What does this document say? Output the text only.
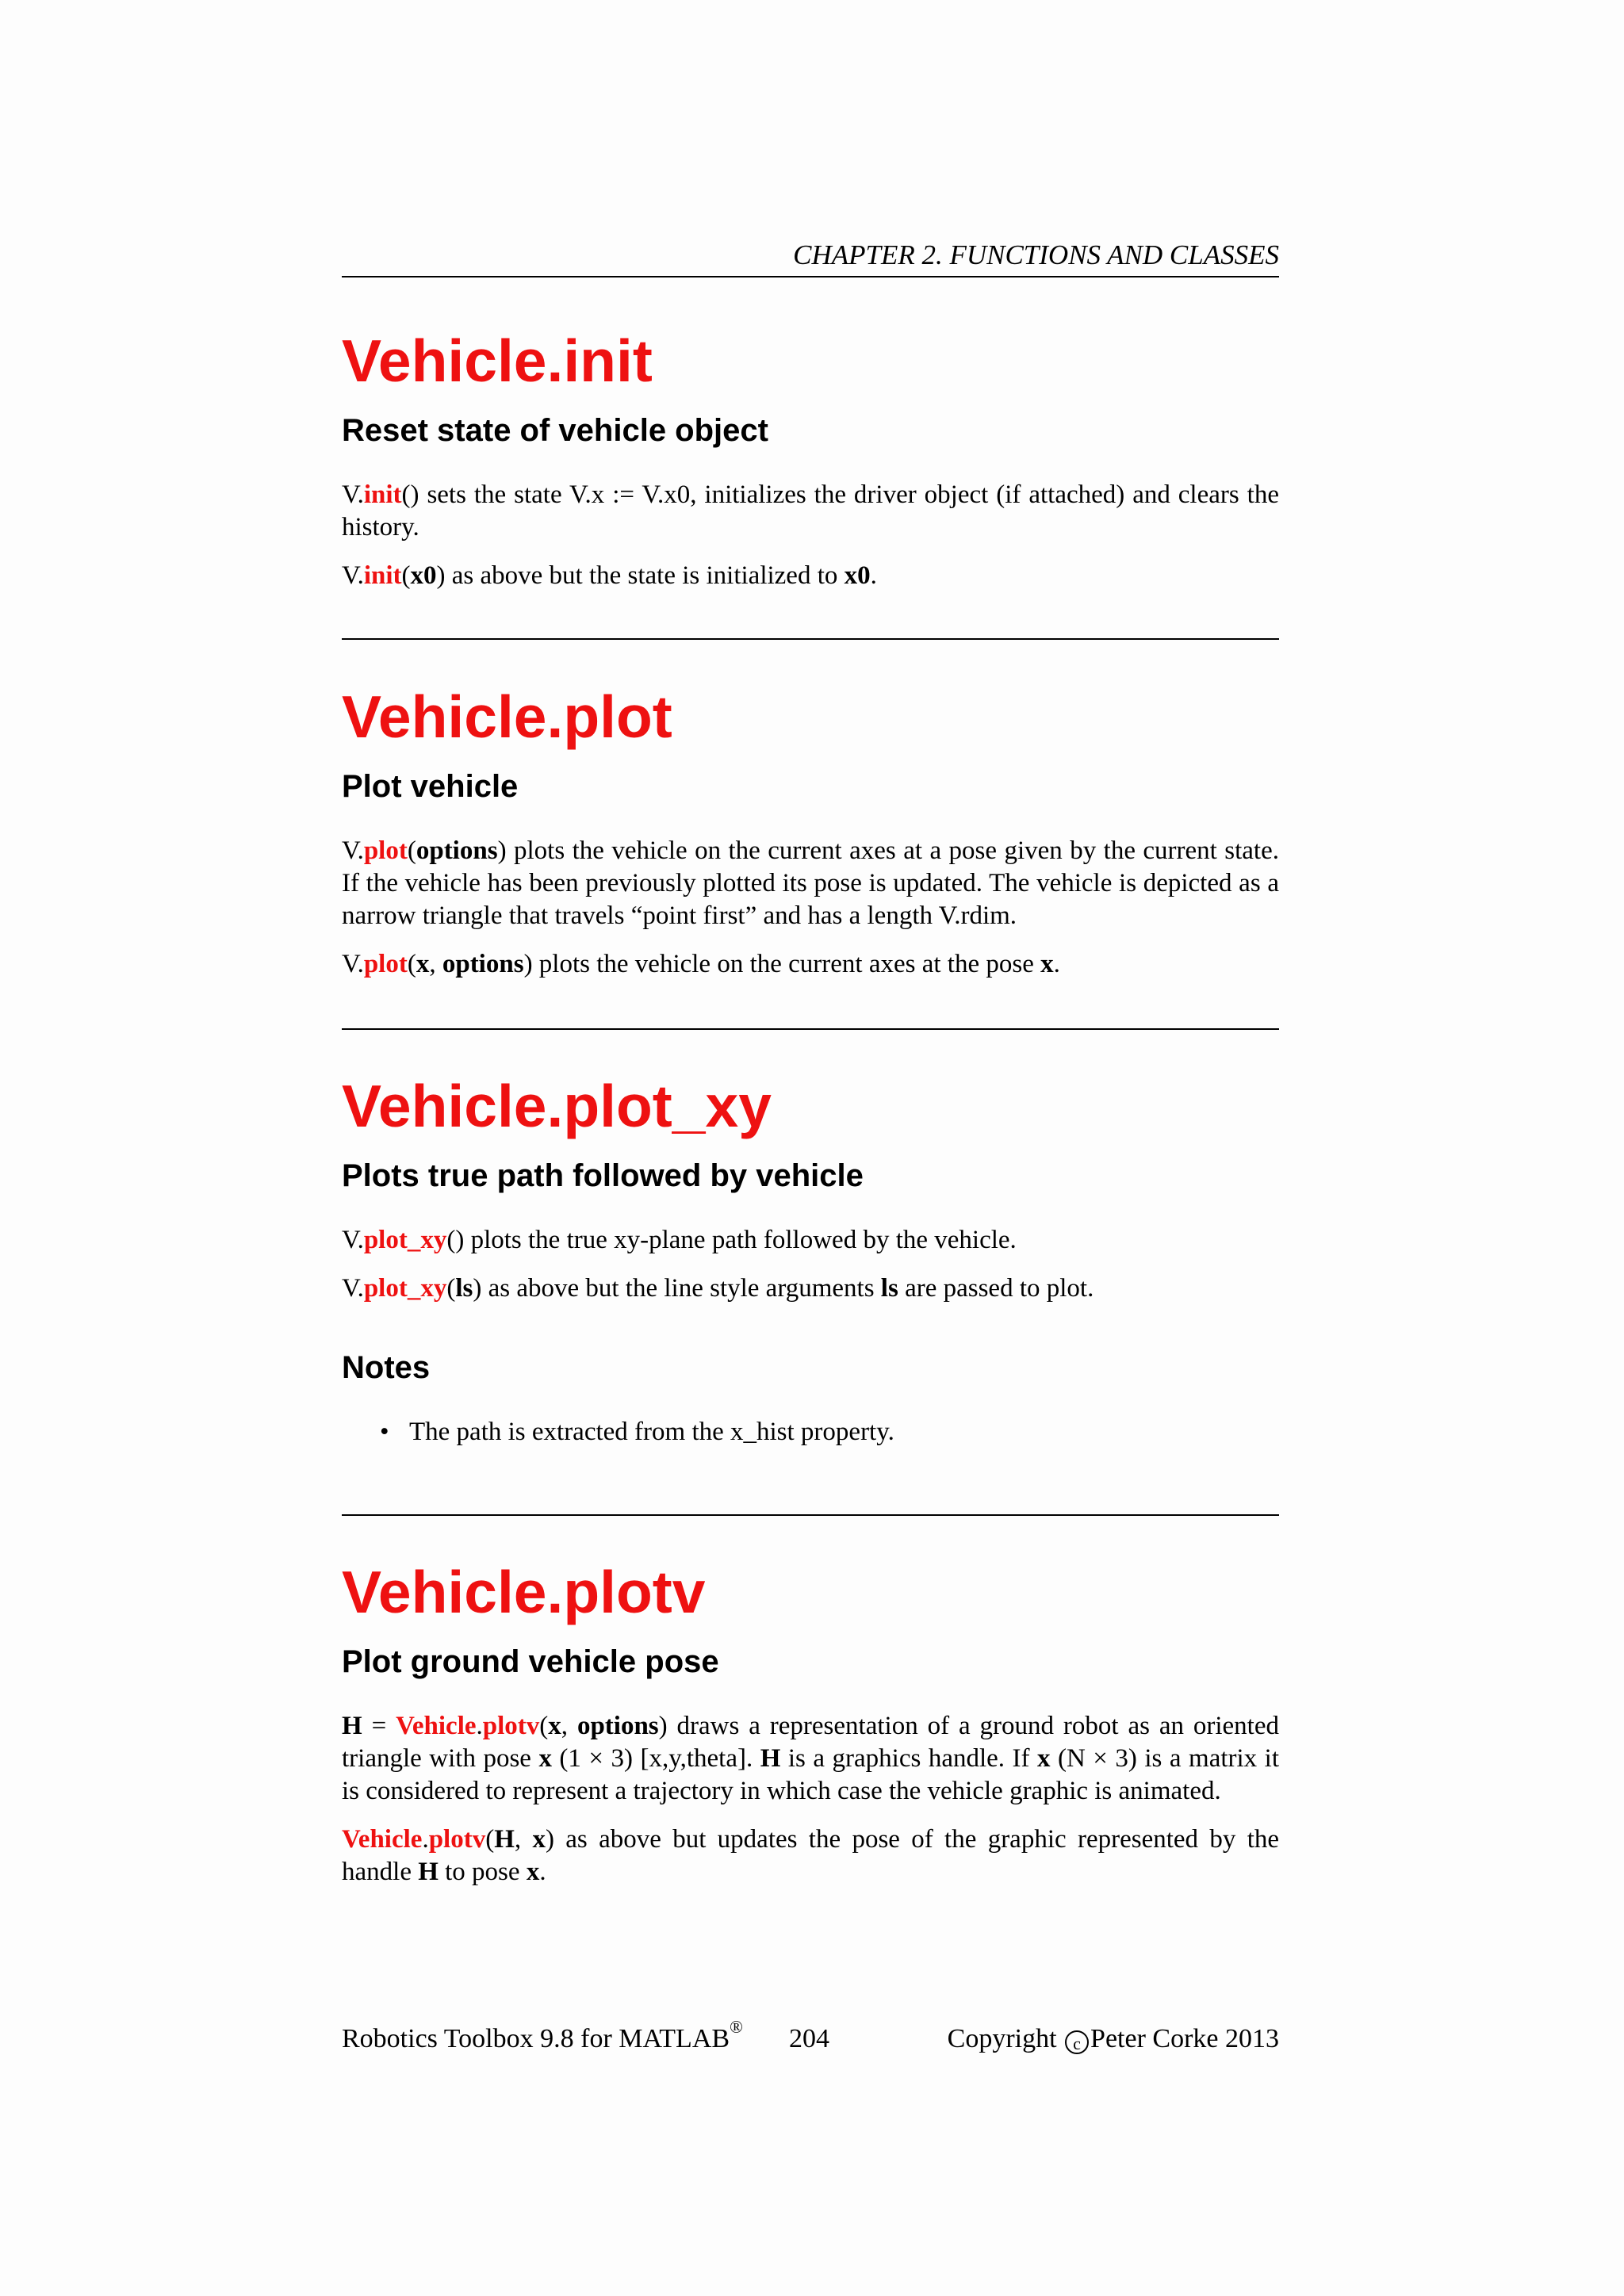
CHAPTER 2. FUNCTIONS AND CLASSES
Vehicle.init
Reset state of vehicle object

V.init() sets the state V.x := V.x0, initializes the driver object (if attached) and clears the history.

V.init(x0) as above but the state is initialized to x0.

Vehicle.plot
Plot vehicle

V.plot(options) plots the vehicle on the current axes at a pose given by the current state. If the vehicle has been previously plotted its pose is updated. The vehicle is depicted as a narrow triangle that travels “point first” and has a length V.rdim.

V.plot(x, options) plots the vehicle on the current axes at the pose x.

Vehicle.plot_xy
Plots true path followed by vehicle

V.plot_xy() plots the true xy-plane path followed by the vehicle.

V.plot_xy(ls) as above but the line style arguments ls are passed to plot.

Notes
• The path is extracted from the x_hist property.
Vehicle.plotv
Plot ground vehicle pose

H = Vehicle.plotv(x, options) draws a representation of a ground robot as an oriented triangle with pose x (1 × 3) [x,y,theta]. H is a graphics handle. If x (N × 3) is a matrix it is considered to represent a trajectory in which case the vehicle graphic is animated.

Vehicle.plotv(H, x) as above but updates the pose of the graphic represented by the handle H to pose x.

Robotics Toolbox 9.8 for MATLAB® 204	Copyright c Peter Corke 2013
